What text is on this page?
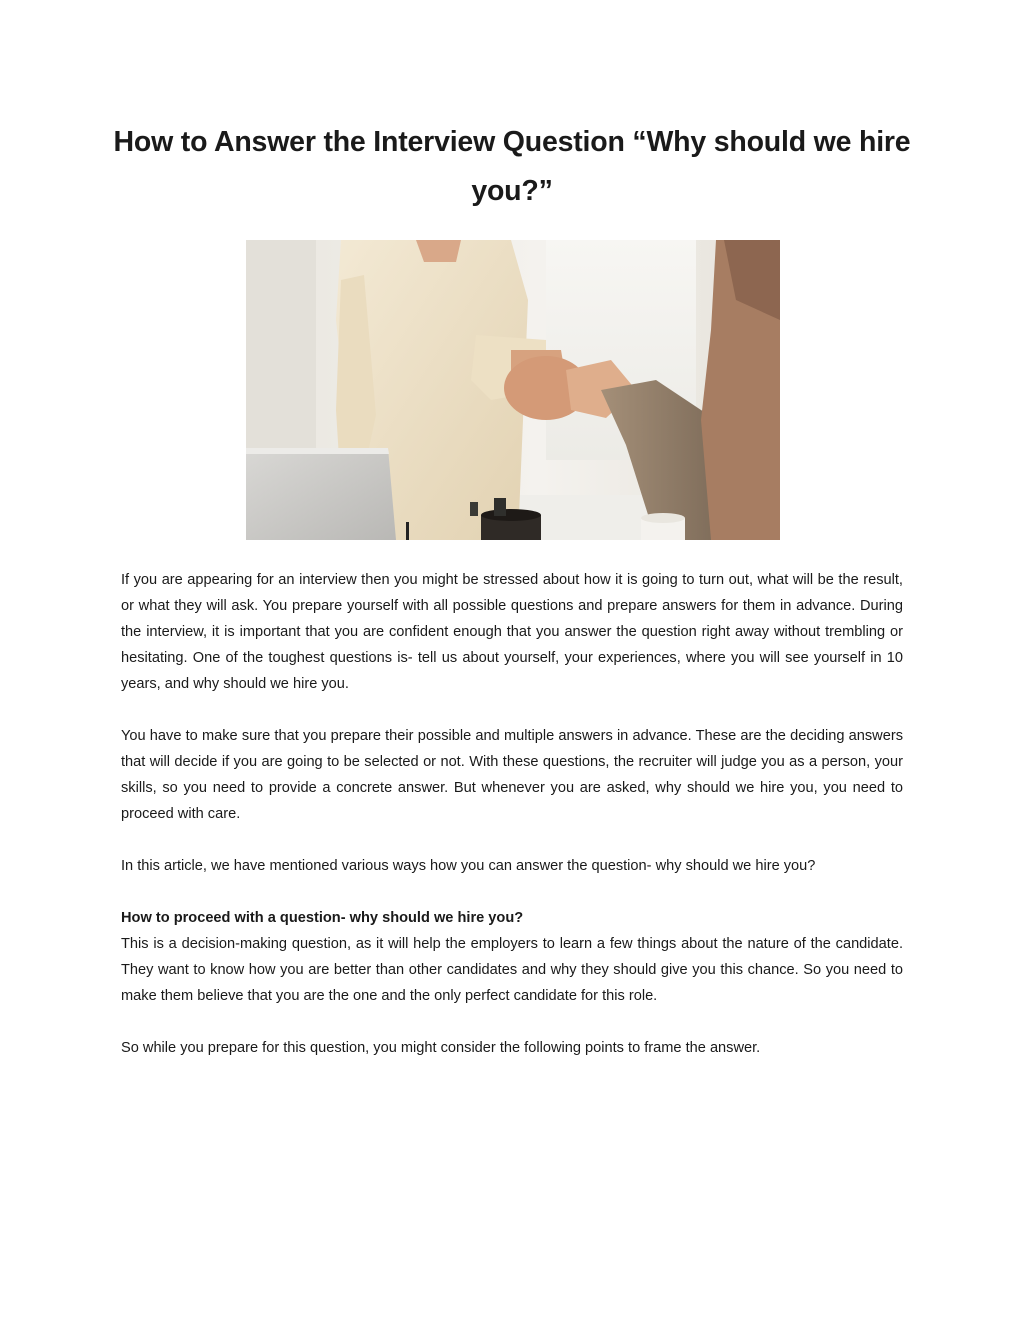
How to Answer the Interview Question “Why should we hire you?”

If you are appearing for an interview then you might be stressed about how it is going to turn out, what will be the result, or what they will ask. You prepare yourself with all possible questions and prepare answers for them in advance. During the interview, it is important that you are confident enough that you answer the question right away without trembling or hesitating. One of the toughest questions is- tell us about yourself, your experiences, where you will see yourself in 10 years, and why should we hire you.

You have to make sure that you prepare their possible and multiple answers in advance. These are the deciding answers that will decide if you are going to be selected or not. With these questions, the recruiter will judge you as a person, your skills, so you need to provide a concrete answer. But whenever you are asked, why should we hire you, you need to proceed with care.

In this article, we have mentioned various ways how you can answer the question- why should we hire you?

How to proceed with a question- why should we hire you?
This is a decision-making question, as it will help the employers to learn a few things about the nature of the candidate. They want to know how you are better than other candidates and why they should give you this chance. So you need to make them believe that you are the one and the only perfect candidate for this role.

So while you prepare for this question, you might consider the following points to frame the answer.
